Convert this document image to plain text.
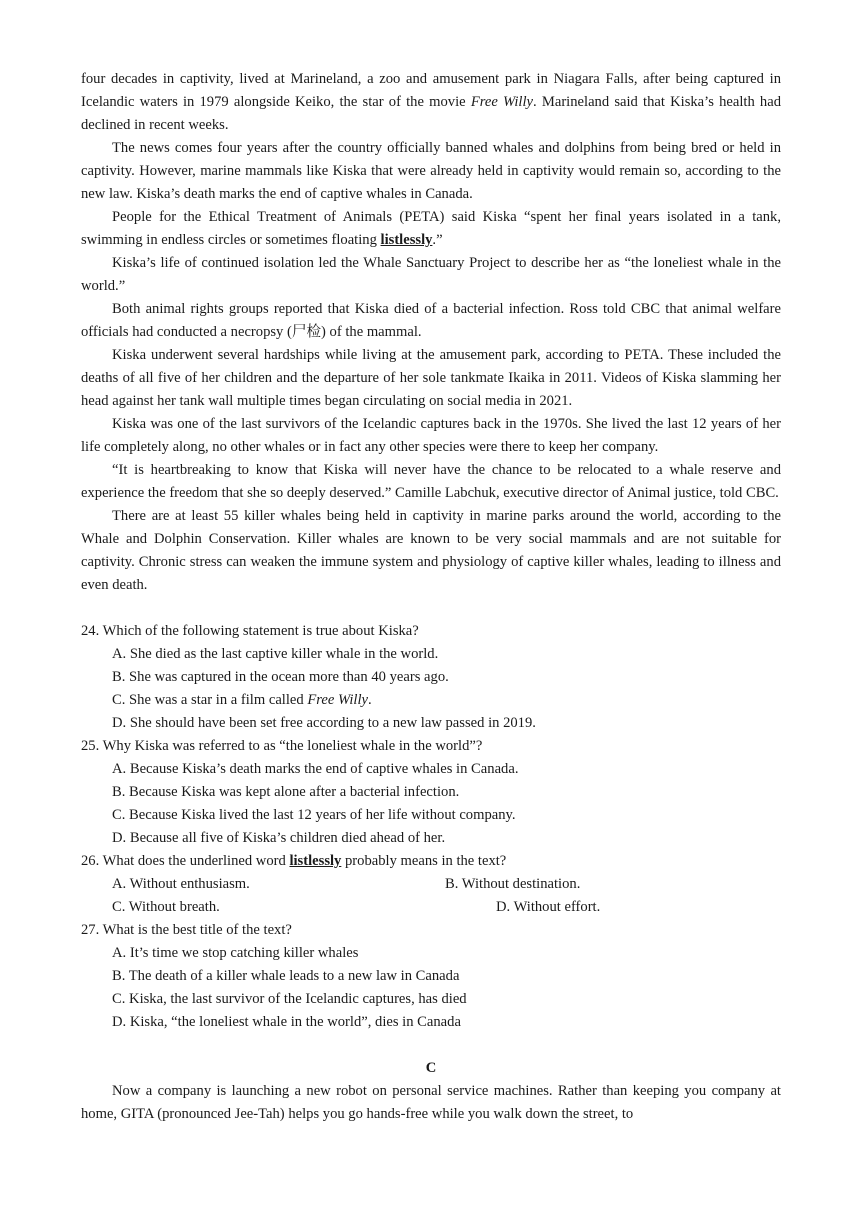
four decades in captivity, lived at Marineland, a zoo and amusement park in Niagara Falls, after being captured in Icelandic waters in 1979 alongside Keiko, the star of the movie Free Willy. Marineland said that Kiska’s health had declined in recent weeks.

The news comes four years after the country officially banned whales and dolphins from being bred or held in captivity. However, marine mammals like Kiska that were already held in captivity would remain so, according to the new law. Kiska’s death marks the end of captive whales in Canada.

People for the Ethical Treatment of Animals (PETA) said Kiska “spent her final years isolated in a tank, swimming in endless circles or sometimes floating listlessly.”

Kiska’s life of continued isolation led the Whale Sanctuary Project to describe her as “the loneliest whale in the world.”

Both animal rights groups reported that Kiska died of a bacterial infection. Ross told CBC that animal welfare officials had conducted a necropsy (尸检) of the mammal.

Kiska underwent several hardships while living at the amusement park, according to PETA. These included the deaths of all five of her children and the departure of her sole tankmate Ikaika in 2011. Videos of Kiska slamming her head against her tank wall multiple times began circulating on social media in 2021.

Kiska was one of the last survivors of the Icelandic captures back in the 1970s. She lived the last 12 years of her life completely along, no other whales or in fact any other species were there to keep her company.

“It is heartbreaking to know that Kiska will never have the chance to be relocated to a whale reserve and experience the freedom that she so deeply deserved.” Camille Labchuk, executive director of Animal justice, told CBC.

There are at least 55 killer whales being held in captivity in marine parks around the world, according to the Whale and Dolphin Conservation. Killer whales are known to be very social mammals and are not suitable for captivity. Chronic stress can weaken the immune system and physiology of captive killer whales, leading to illness and even death.

24. Which of the following statement is true about Kiska?

A. She died as the last captive killer whale in the world.

B. She was captured in the ocean more than 40 years ago.

C. She was a star in a film called Free Willy.

D. She should have been set free according to a new law passed in 2019.

25. Why Kiska was referred to as “the loneliest whale in the world”?

A. Because Kiska’s death marks the end of captive whales in Canada.

B. Because Kiska was kept alone after a bacterial infection.

C. Because Kiska lived the last 12 years of her life without company.

D. Because all five of Kiska’s children died ahead of her.

26. What does the underlined word listlessly probably means in the text?

A. Without enthusiasm.	B. Without destination.
C. Without breath.	D. Without effort.

27. What is the best title of the text?

A. It’s time we stop catching killer whales

B. The death of a killer whale leads to a new law in Canada

C. Kiska, the last survivor of the Icelandic captures, has died

D. Kiska, “the loneliest whale in the world”, dies in Canada

C

Now a company is launching a new robot on personal service machines. Rather than keeping you company at home, GITA (pronounced Jee-Tah) helps you go hands-free while you walk down the street, to
